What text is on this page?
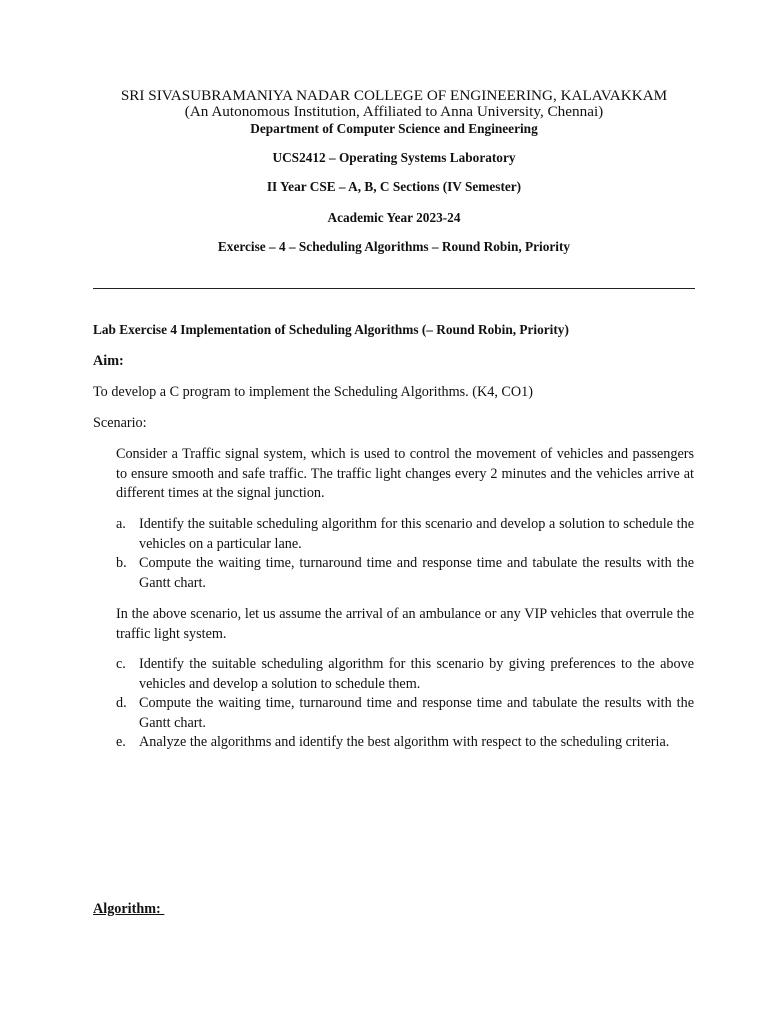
SRI SIVASUBRAMANIYA NADAR COLLEGE OF ENGINEERING, KALAVAKKAM
(An Autonomous Institution, Affiliated to Anna University, Chennai)
Department of Computer Science and Engineering
UCS2412 – Operating Systems Laboratory
II Year CSE – A, B, C Sections (IV Semester)
Academic Year 2023-24
Exercise – 4 – Scheduling Algorithms – Round Robin, Priority
Lab Exercise 4 Implementation of Scheduling Algorithms (– Round Robin, Priority)
Aim:
To develop a C program to implement the Scheduling Algorithms. (K4, CO1)
Scenario:
Consider a Traffic signal system, which is used to control the movement of vehicles and passengers to ensure smooth and safe traffic. The traffic light changes every 2 minutes and the vehicles arrive at different times at the signal junction.
a. Identify the suitable scheduling algorithm for this scenario and develop a solution to schedule the vehicles on a particular lane.
b. Compute the waiting time, turnaround time and response time and tabulate the results with the Gantt chart.
In the above scenario, let us assume the arrival of an ambulance or any VIP vehicles that overrule the traffic light system.
c. Identify the suitable scheduling algorithm for this scenario by giving preferences to the above vehicles and develop a solution to schedule them.
d. Compute the waiting time, turnaround time and response time and tabulate the results with the Gantt chart.
e. Analyze the algorithms and identify the best algorithm with respect to the scheduling criteria.
Algorithm:
